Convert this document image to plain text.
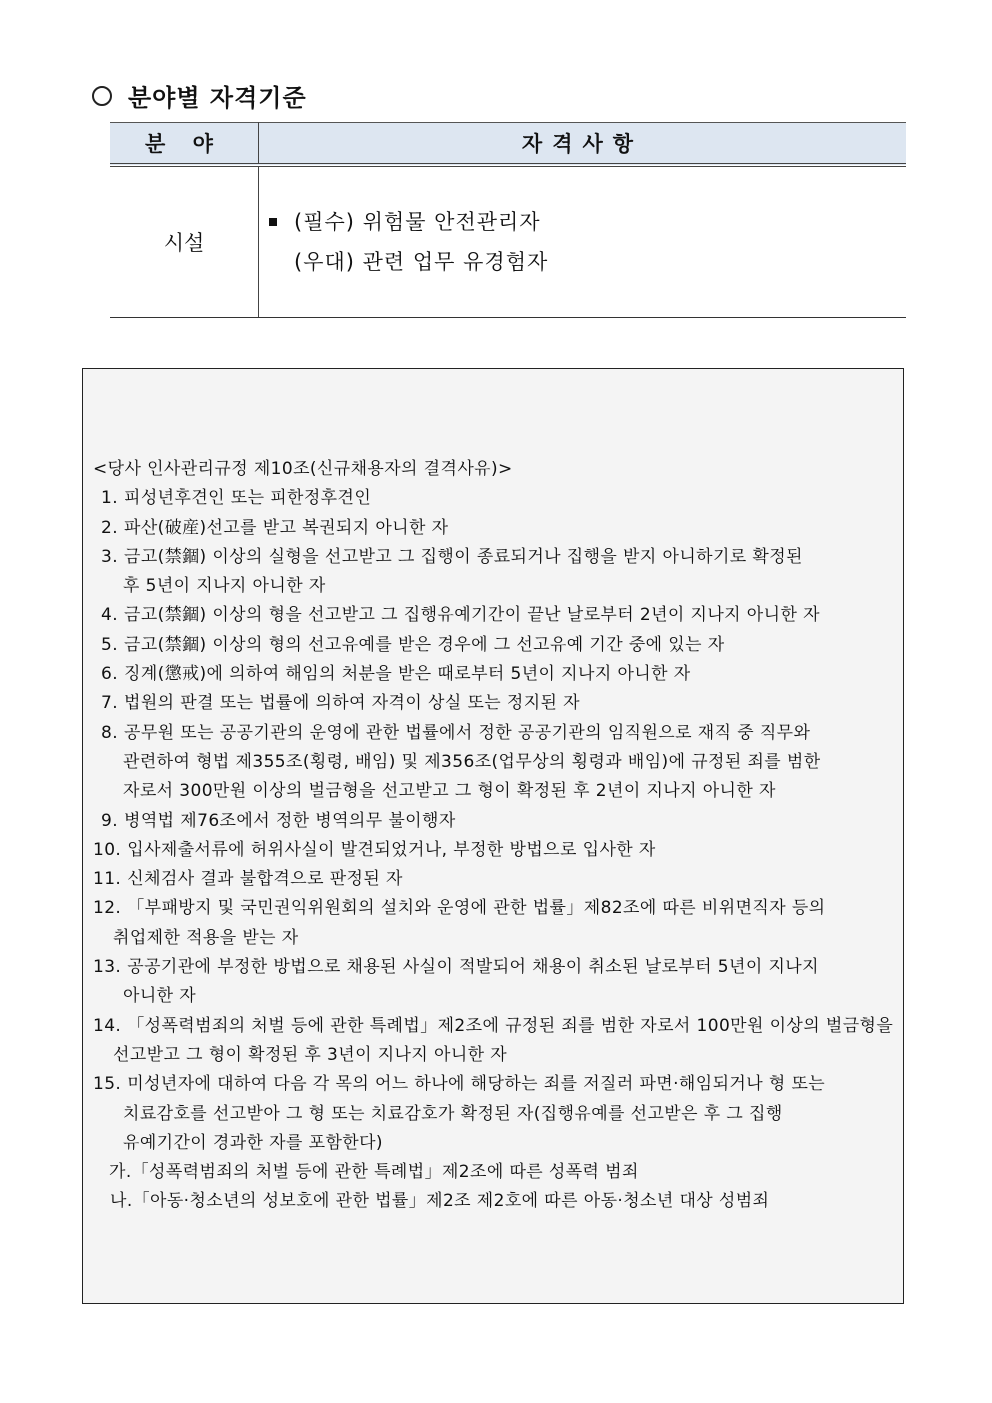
분야별 자격기준
분 야	자격사항
시설	(필수) 위험물 안전관리자
(우대) 관련 업무 유경험자
<당사 인사관리규정 제10조(신규채용자의 결격사유)>
1. 피성년후견인 또는 피한정후견인
2. 파산(破産)선고를 받고 복권되지 아니한 자
3. 금고(禁錮) 이상의 실형을 선고받고 그 집행이 종료되거나 집행을 받지 아니하기로 확정된
후 5년이 지나지 아니한 자
4. 금고(禁錮) 이상의 형을 선고받고 그 집행유예기간이 끝난 날로부터 2년이 지나지 아니한 자
5. 금고(禁錮) 이상의 형의 선고유예를 받은 경우에 그 선고유예 기간 중에 있는 자
6. 징계(懲戒)에 의하여 해임의 처분을 받은 때로부터 5년이 지나지 아니한 자
7. 법원의 판결 또는 법률에 의하여 자격이 상실 또는 정지된 자
8. 공무원 또는 공공기관의 운영에 관한 법률에서 정한 공공기관의 임직원으로 재직 중 직무와
관련하여 형법 제355조(횡령, 배임) 및 제356조(업무상의 횡령과 배임)에 규정된 죄를 범한
자로서 300만원 이상의 벌금형을 선고받고 그 형이 확정된 후 2년이 지나지 아니한 자
9. 병역법 제76조에서 정한 병역의무 불이행자
10. 입사제출서류에 허위사실이 발견되었거나, 부정한 방법으로 입사한 자
11. 신체검사 결과 불합격으로 판정된 자
12. 「부패방지 및 국민권익위원회의 설치와 운영에 관한 법률」제82조에 따른 비위면직자 등의
취업제한 적용을 받는 자
13. 공공기관에 부정한 방법으로 채용된 사실이 적발되어 채용이 취소된 날로부터 5년이 지나지
아니한 자
14. 「성폭력범죄의 처벌 등에 관한 특례법」제2조에 규정된 죄를 범한 자로서 100만원 이상의 벌금형을
선고받고 그 형이 확정된 후 3년이 지나지 아니한 자
15. 미성년자에 대하여 다음 각 목의 어느 하나에 해당하는 죄를 저질러 파면·해임되거나 형 또는
치료감호를 선고받아 그 형 또는 치료감호가 확정된 자(집행유예를 선고받은 후 그 집행
유예기간이 경과한 자를 포함한다)
가.「성폭력범죄의 처벌 등에 관한 특례법」제2조에 따른 성폭력 범죄
나.「아동·청소년의 성보호에 관한 법률」제2조 제2호에 따른 아동·청소년 대상 성범죄
